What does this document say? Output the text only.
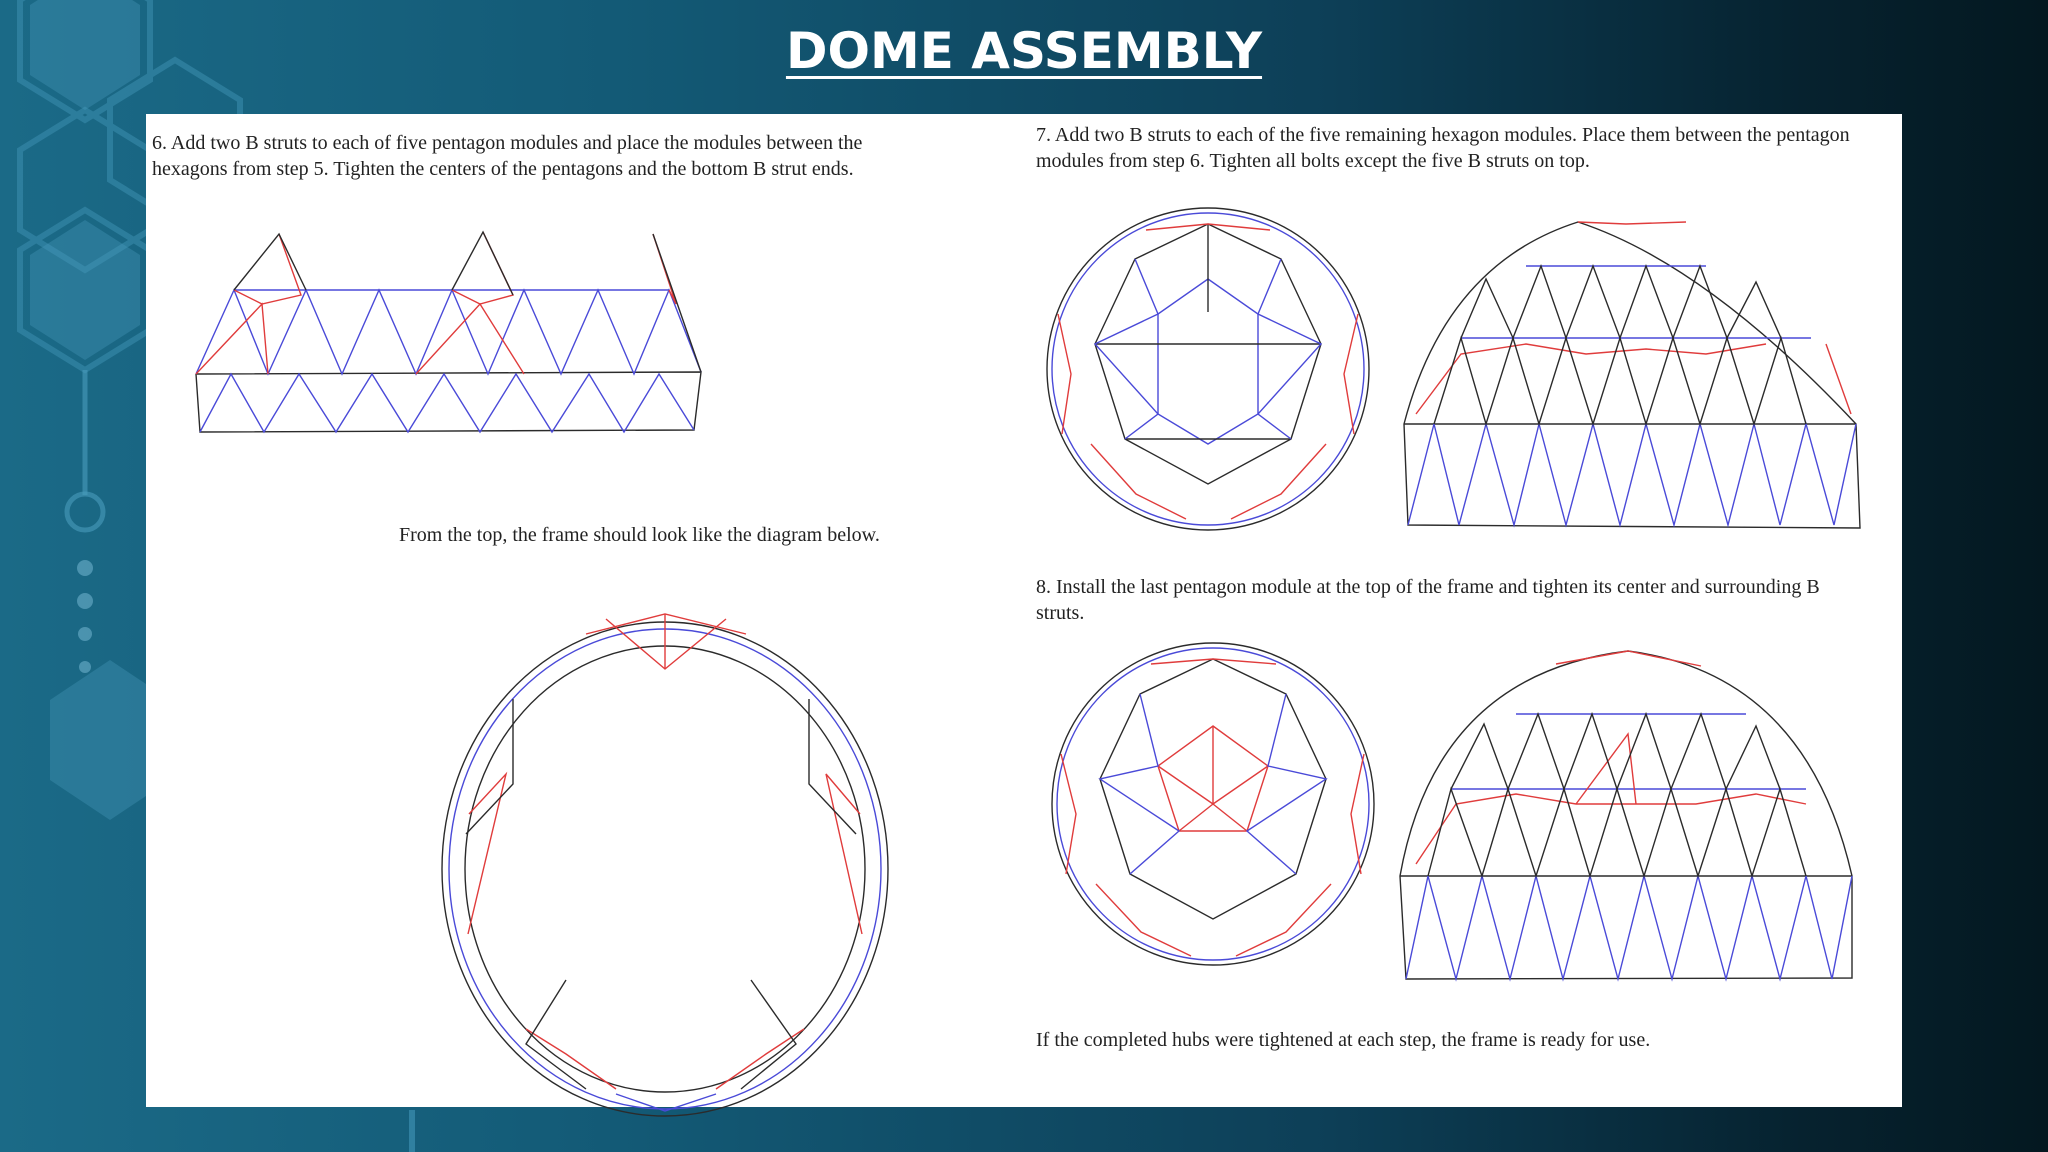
DOME ASSEMBLY

6. Add two B struts to each of five pentagon modules and place the modules between the hexagons from step 5. Tighten the centers of the pentagons and the bottom B strut ends.

From the top, the frame should look like the diagram below.

7. Add two B struts to each of the five remaining hexagon modules. Place them between the pentagon modules from step 6. Tighten all bolts except the five B struts on top.

8. Install the last pentagon module at the top of the frame and tighten its center and surrounding B struts.

If the completed hubs were tightened at each step, the frame is ready for use.
